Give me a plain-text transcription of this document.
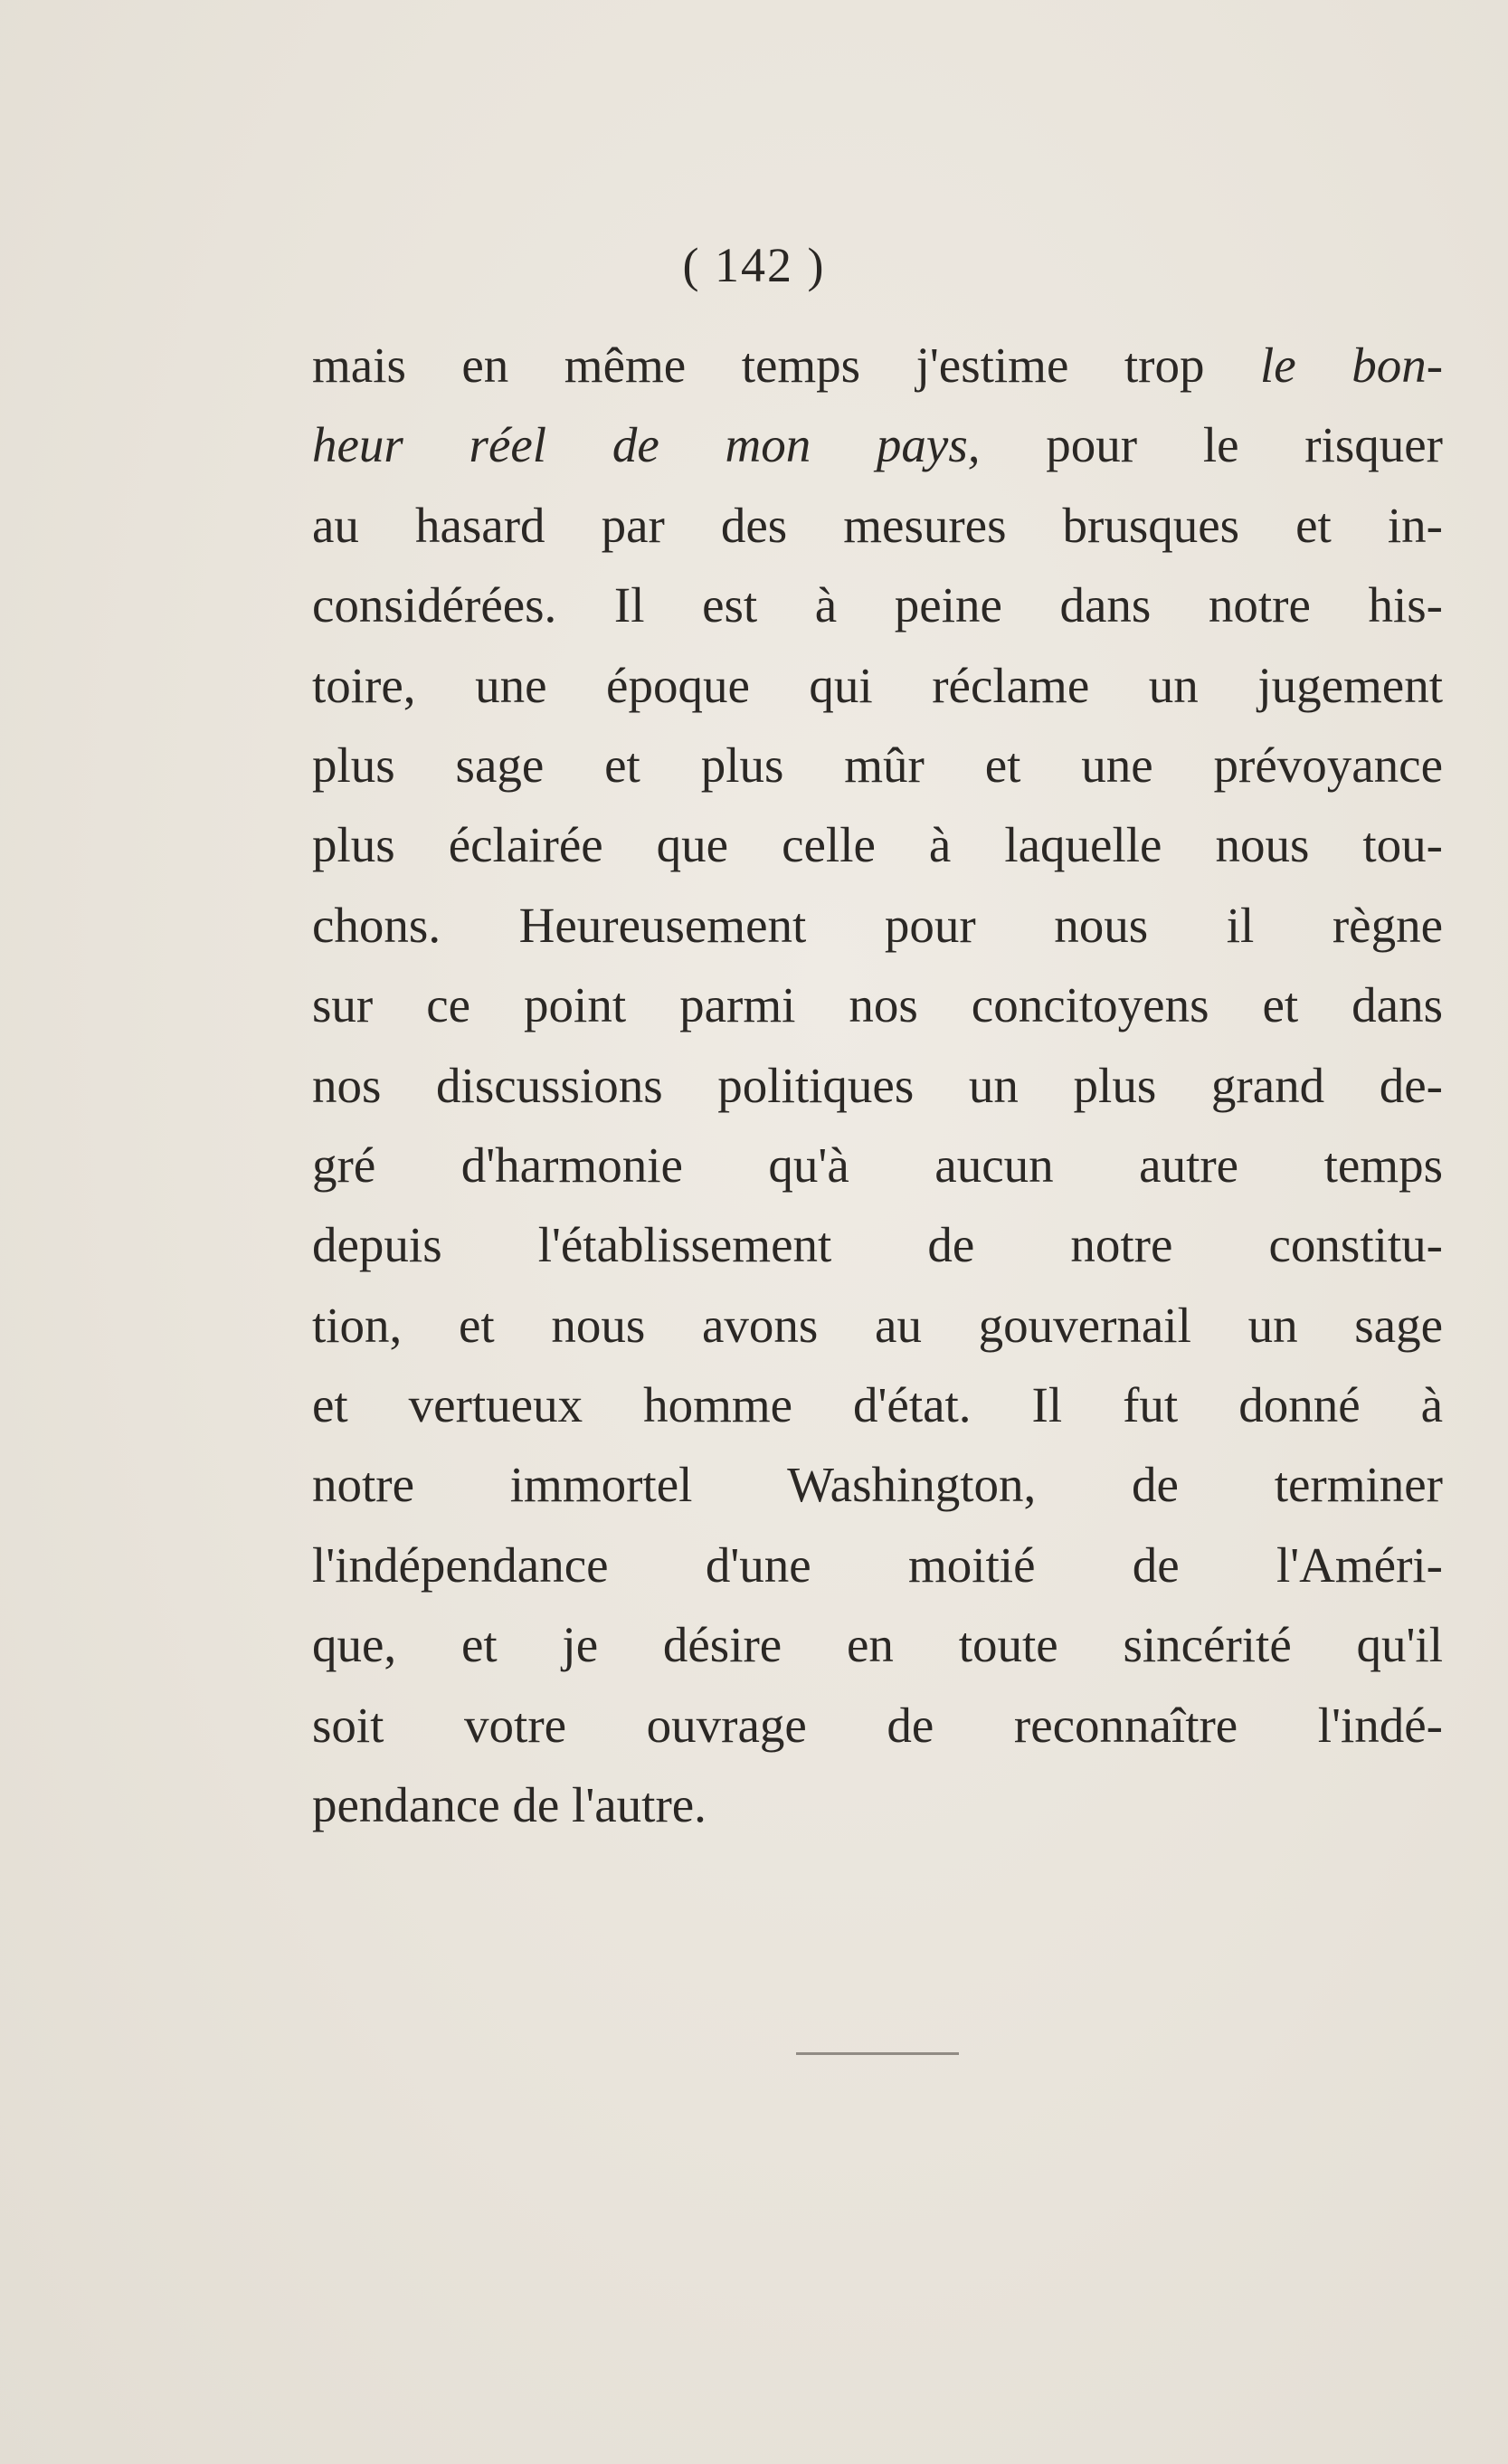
( 142 )
mais en même temps j'estime trop le bon-
heur réel de mon pays, pour le risquer
au hasard par des mesures brusques et in-
considérées. Il est à peine dans notre his-
toire, une époque qui réclame un jugement
plus sage et plus mûr et une prévoyance
plus éclairée que celle à laquelle nous tou-
chons. Heureusement pour nous il règne
sur ce point parmi nos concitoyens et dans
nos discussions politiques un plus grand de-
gré d'harmonie qu'à aucun autre temps
depuis l'établissement de notre constitu-
tion, et nous avons au gouvernail un sage
et vertueux homme d'état. Il fut donné à
notre immortel Washington, de terminer
l'indépendance d'une moitié de l'Améri-
que, et je désire en toute sincérité qu'il
soit votre ouvrage de reconnaître l'indé-
pendance de l'autre.
